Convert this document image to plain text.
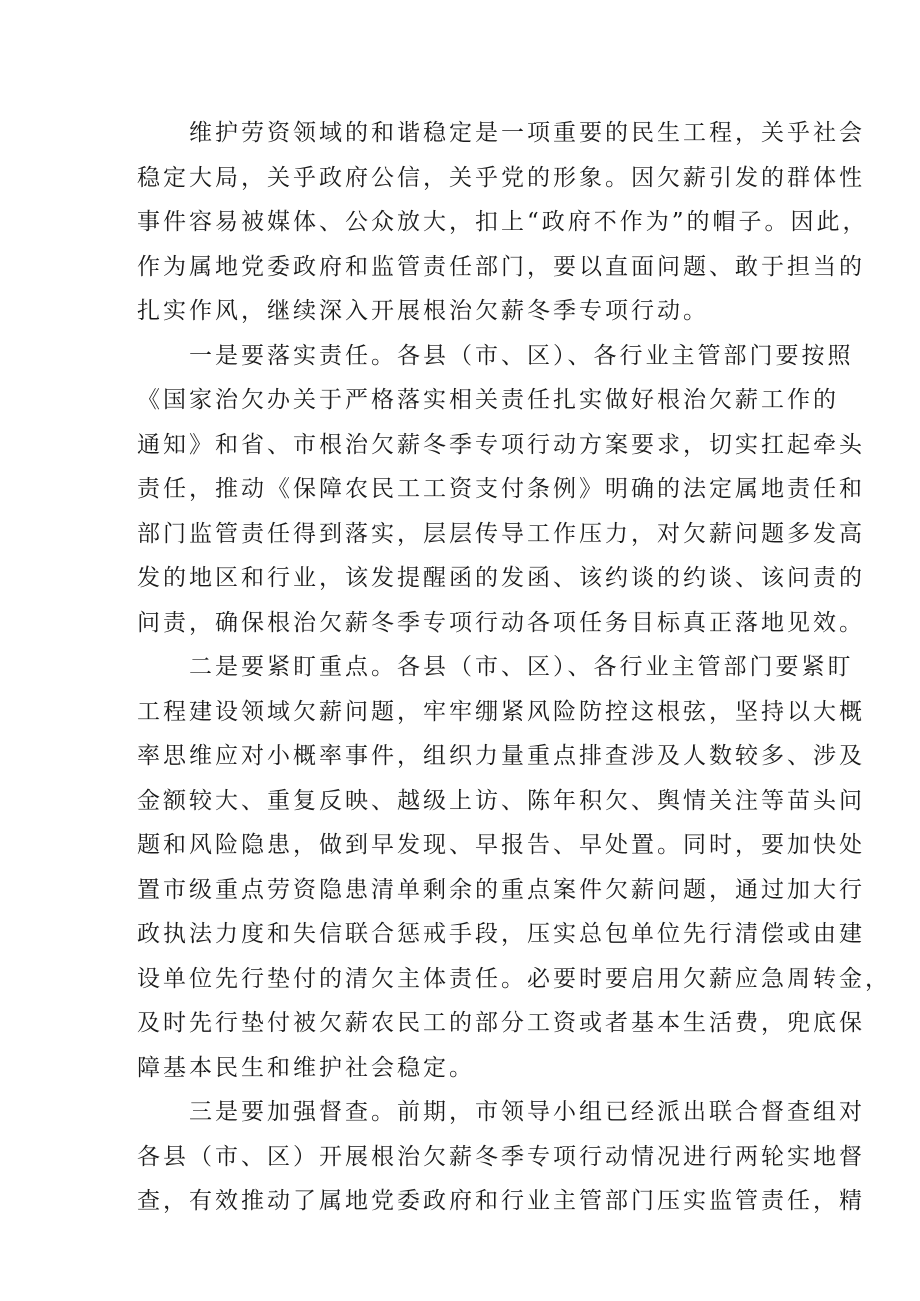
维护劳资领域的和谐稳定是一项重要的民生工程，关乎社会
稳定大局，关乎政府公信，关乎党的形象。因欠薪引发的群体性
事件容易被媒体、公众放大，扣上“政府不作为”的帽子。因此，
作为属地党委政府和监管责任部门，要以直面问题、敢于担当的
扎实作风，继续深入开展根治欠薪冬季专项行动。

一是要落实责任。各县（市、区）、各行业主管部门要按照
《国家治欠办关于严格落实相关责任扎实做好根治欠薪工作的
通知》和省、市根治欠薪冬季专项行动方案要求，切实扛起牵头
责任，推动《保障农民工工资支付条例》明确的法定属地责任和
部门监管责任得到落实，层层传导工作压力，对欠薪问题多发高
发的地区和行业，该发提醒函的发函、该约谈的约谈、该问责的
问责，确保根治欠薪冬季专项行动各项任务目标真正落地见效。

二是要紧盯重点。各县（市、区）、各行业主管部门要紧盯
工程建设领域欠薪问题，牢牢绷紧风险防控这根弦，坚持以大概
率思维应对小概率事件，组织力量重点排查涉及人数较多、涉及
金额较大、重复反映、越级上访、陈年积欠、舆情关注等苗头问
题和风险隐患，做到早发现、早报告、早处置。同时，要加快处
置市级重点劳资隐患清单剩余的重点案件欠薪问题，通过加大行
政执法力度和失信联合惩戒手段，压实总包单位先行清偿或由建
设单位先行垫付的清欠主体责任。必要时要启用欠薪应急周转金，
及时先行垫付被欠薪农民工的部分工资或者基本生活费，兜底保
障基本民生和维护社会稳定。

三是要加强督查。前期，市领导小组已经派出联合督查组对
各县（市、区）开展根治欠薪冬季专项行动情况进行两轮实地督
查，有效推动了属地党委政府和行业主管部门压实监管责任，精
